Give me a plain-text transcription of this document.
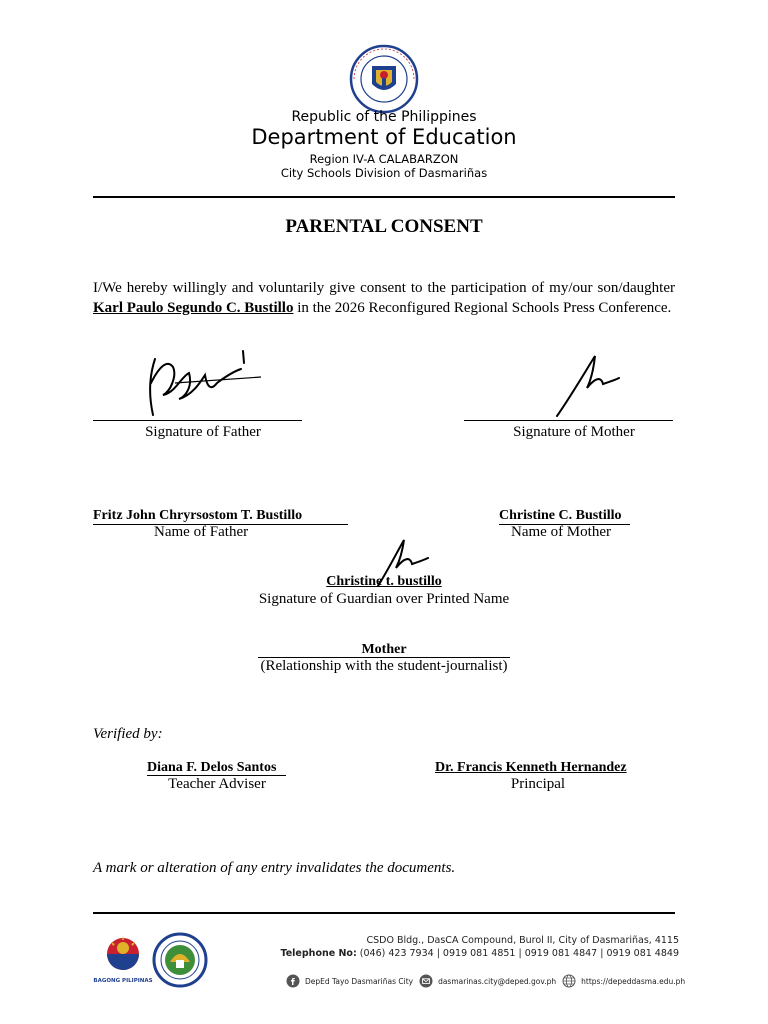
Republic of the Philippines
Department of Education
Region IV-A CALABARZON
City Schools Division of Dasmariñas
PARENTAL CONSENT
I/We hereby willingly and voluntarily give consent to the participation of my/our son/daughter Karl Paulo Segundo C. Bustillo in the 2026 Reconfigured Regional Schools Press Conference.
Signature of Father	Signature of Mother
Fritz John Chryrsostom T. Bustillo
Name of Father
Christine C. Bustillo
Name of Mother
Christine t. bustillo
Signature of Guardian over Printed Name
Mother
(Relationship with the student-journalist)
Verified by:
Diana F. Delos Santos
Teacher Adviser
Dr. Francis Kenneth Hernandez
Principal
A mark or alteration of any entry invalidates the documents.
BAGONG PILIPINAS
CSDO Bldg., DasCA Compound, Burol II, City of Dasmariñas, 4115
Telephone No: (046) 423 7934 | 0919 081 4851 | 0919 081 4847 | 0919 081 4849
DepEd Tayo Dasmariñas City	dasmarinas.city@deped.gov.ph	https://depeddasma.edu.ph
